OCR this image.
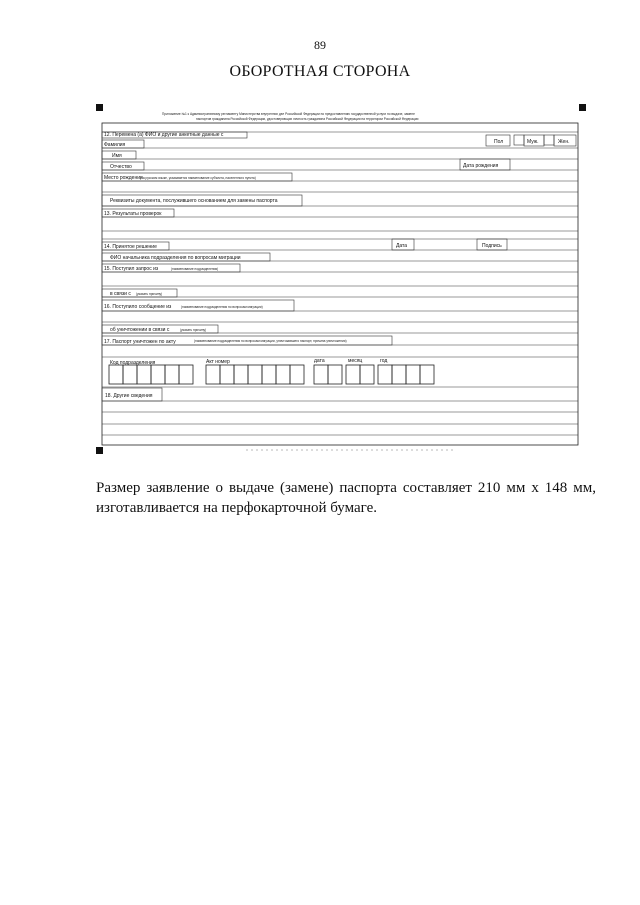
89
ОБОРОТНАЯ СТОРОНА
Приложение №1 к Административному регламенту Министерства внутренних дел Российской Федерации по предоставлению государственной услуги по выдаче, замене
паспортов гражданина Российской Федерации, удостоверяющих личность гражданина Российской Федерации на территории Российской Федерации
12. Перемена (а) ФИО и другие анкетные данные с
Фамилия	Пол	Муж.	Жен.
Имя
Отчество	Дата рождения
Место рождения
(на русском языке, указывается наименование субъекта, населенного пункта)
Реквизиты документа, послужившего основанием для замены паспорта
13. Результаты проверок
14. Принятое решение	Дата	Подпись
ФИО начальника подразделения по вопросам миграции
15. Поступил запрос из	(наименование подразделения)
в связи с (указать причину)
16. Поступило сообщение из	(наименование подразделения по вопросам миграции)
об уничтожении в связи с	(указать причину)
17. Паспорт уничтожен по акту	(наименование подразделения по вопросам миграции, уничтожившего паспорт, причина уничтожения)
Код подразделения	Акт номер	дата	месяц	год
18. Другие сведения
Размер заявление о выдаче (замене) паспорта составляет 210 мм x 148 мм, изготавливается на перфокарточной бумаге.
